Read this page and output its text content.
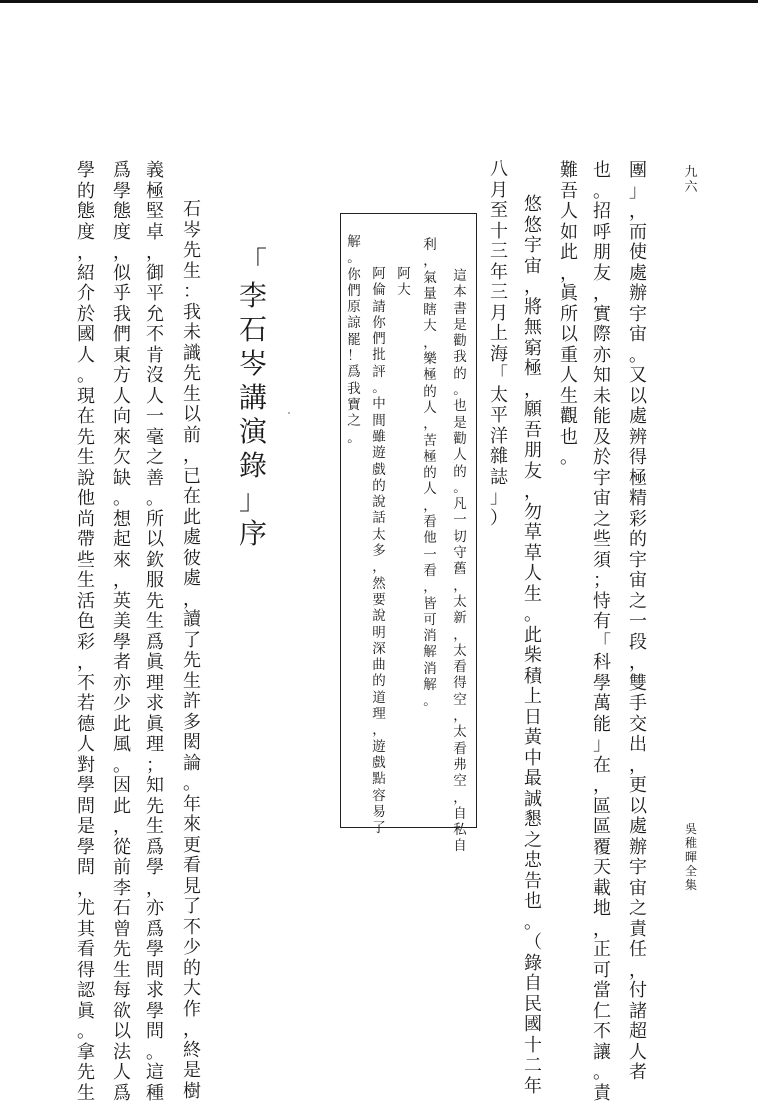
九
六
吳
稚
暉
全
集
團
」
，
而
使
處
辦
宇
宙
。
又
以
處
辨
得
極
精
彩
的
宇
宙
之
一
段
，
雙
手
交
出
，
更
以
處
辦
宇
宙
之
責
任
，
付
諸
超
人
者
也
。
招
呼
朋
友
，
實
際
亦
知
未
能
及
於
宇
宙
之
些
須
；
恃
有
「
科
學
萬
能
」
在
，
區
區
覆
天
載
地
，
正
可
當
仁
不
讓
。
責
難
吾
人
如
此
，
眞
所
以
重
人
生
觀
也
。
悠
悠
宇
宙
，
將
無
窮
極
，
願
吾
朋
友
，
勿
草
草
人
生
。
此
柴
積
上
日
黃
中
最
誠
懇
之
忠
告
也
。
（
錄
自
民
國
十
二
年
八
月
至
十
三
年
三
月
上
海
「
太
平
洋
雜
誌
」
）
這
本
書
是
勸
我
的
。
也
是
勸
人
的
。
凡
一
切
守
舊
，
太
新
，
太
看
得
空
，
太
看
弗
空
，
自
私
自
利
，
氣
量
瞎
大
，
樂
極
的
人
，
苦
極
的
人
，
看
他
一
看
，
皆
可
消
解
消
解
。
阿
大
阿
倫
請
你
們
批
評
。
中
間
雖
遊
戲
的
說
話
太
多
，
然
要
說
明
深
曲
的
道
理
，
遊
戲
點
容
易
了
解
。
你
們
原
諒
罷
！
爲
我
寶
之
。
「
李
石
岑
講
演
錄
」
序
石
岑
先
生
：
我
未
識
先
生
以
前
，
已
在
此
處
彼
處
，
讀
了
先
生
許
多
閎
論
。
年
來
更
看
見
了
不
少
的
大
作
，
終
是
樹
義
極
堅
卓
，
御
平
允
不
肯
沒
人
一
毫
之
善
。
所
以
欽
服
先
生
爲
眞
理
求
眞
理
；
知
先
生
爲
學
，
亦
爲
學
問
求
學
問
。
這
種
爲
學
態
度
，
似
乎
我
們
東
方
人
向
來
欠
缺
。
想
起
來
，
英
美
學
者
亦
少
此
風
。
因
此
，
從
前
李
石
曾
先
生
每
欲
以
法
人
爲
學
的
態
度
，
紹
介
於
國
人
。
現
在
先
生
說
他
尚
帶
些
生
活
色
彩
，
不
若
德
人
對
學
問
是
學
問
，
尤
其
看
得
認
眞
。
拿
先
生
